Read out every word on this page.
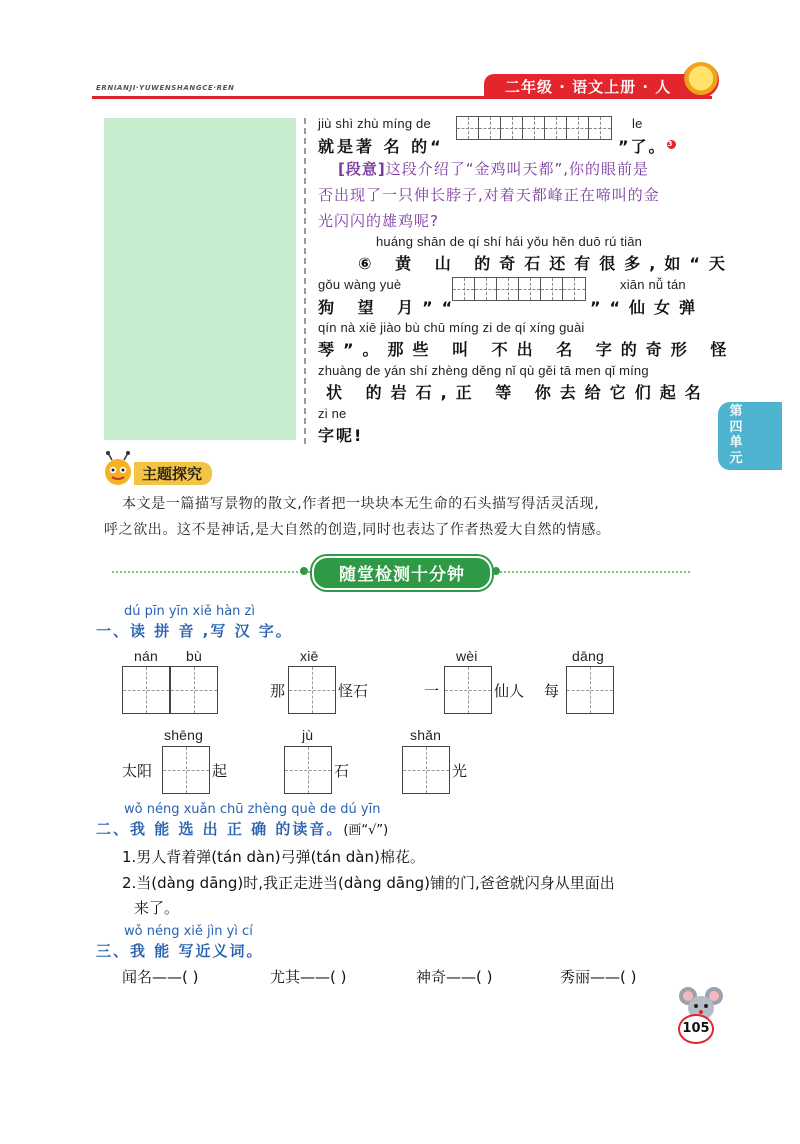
ERNIANJI·YUWENSHANGCE·REN	二年级 · 语文上册 · 人
jiù shì zhù míng de	le
就是著 名 的“	”了。3
[段意]这段介绍了“金鸡叫天都”,你的眼前是
否出现了一只伸长脖子,对着天都峰正在啼叫的金
光闪闪的雄鸡呢?
huáng shān de qí shí hái yǒu hěn duō rú tiān
⑥ 黄 山 的奇石还有很多,如“天
gǒu wàng yuè	xiān nǚ tán
狗 望 月”“	”“仙女弹
qín nà xiē jiào bù chū míng zi de qí xíng guài
琴”。那些 叫 不出 名 字的奇形 怪
zhuàng de yán shí zhèng děng nǐ qù gěi tā men qǐ míng
状 的岩石,正 等 你去给它们起名
zi ne
字呢!
主题探究
本文是一篇描写景物的散文,作者把一块块本无生命的石头描写得活灵活现,
呼之欲出。这不是神话,是大自然的创造,同时也表达了作者热爱大自然的情感。
随堂检测十分钟
dú pīn yīn xiě hàn zì
一、读 拼 音 ,写 汉 字。
nán bù	xiē
那	怪石
wèi
一	仙人 每
dāng
shēng
太阳	起
jù
石
shǎn
光
wǒ néng xuǎn chū zhèng què de dú yīn
二、我 能 选 出 正 确 的读音。(画“√”)
1.男人背着弹(tán dàn)弓弹(tán dàn)棉花。
2.当(dàng dāng)时,我正走进当(dàng dāng)铺的门,爸爸就闪身从里面出
来了。
wǒ néng xiě jìn yì cí
三、我 能 写近义词。
闻名——( )	尤其——( )	神奇——( )	秀丽——( )
第四单元
105
